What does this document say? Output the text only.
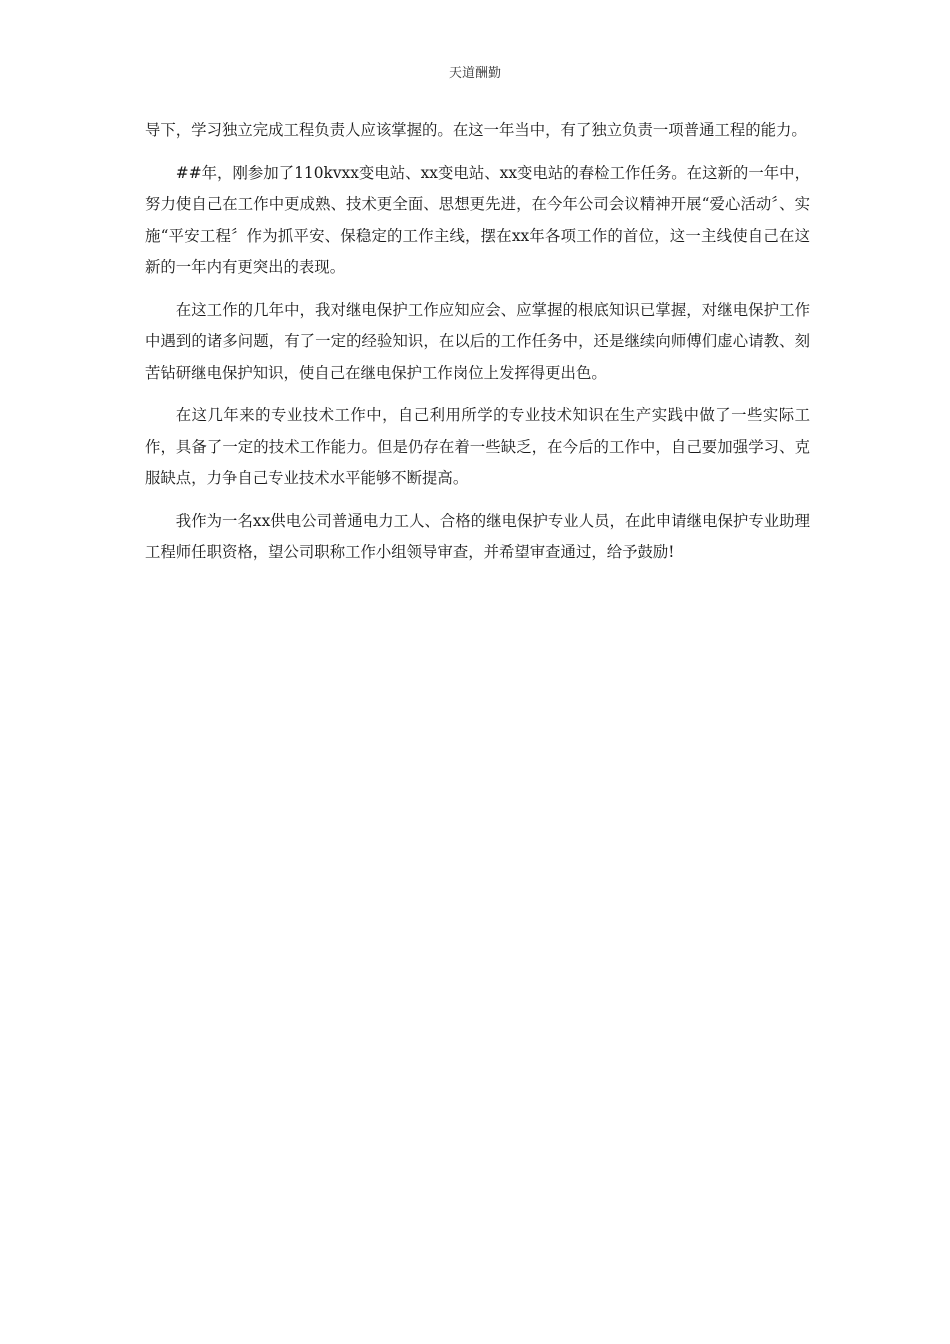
天道酬勤

导下，学习独立完成工程负责人应该掌握的。在这一年当中，有了独立负责一项普通工程的能力。

##年，刚参加了110kvxx变电站、xx变电站、xx变电站的春检工作任务。在这新的一年中，努力使自己在工作中更成熟、技术更全面、思想更先进，在今年公司会议精神开展“爱心活动〞、实施“平安工程〞作为抓平安、保稳定的工作主线，摆在xx年各项工作的首位，这一主线使自己在这新的一年内有更突出的表现。

在这工作的几年中，我对继电保护工作应知应会、应掌握的根底知识已掌握，对继电保护工作中遇到的诸多问题，有了一定的经验知识，在以后的工作任务中，还是继续向师傅们虚心请教、刻苦钻研继电保护知识，使自己在继电保护工作岗位上发挥得更出色。

在这几年来的专业技术工作中，自己利用所学的专业技术知识在生产实践中做了一些实际工作，具备了一定的技术工作能力。但是仍存在着一些缺乏，在今后的工作中，自己要加强学习、克服缺点，力争自己专业技术水平能够不断提高。

我作为一名xx供电公司普通电力工人、合格的继电保护专业人员，在此申请继电保护专业助理工程师任职资格，望公司职称工作小组领导审查，并希望审查通过，给予鼓励!
